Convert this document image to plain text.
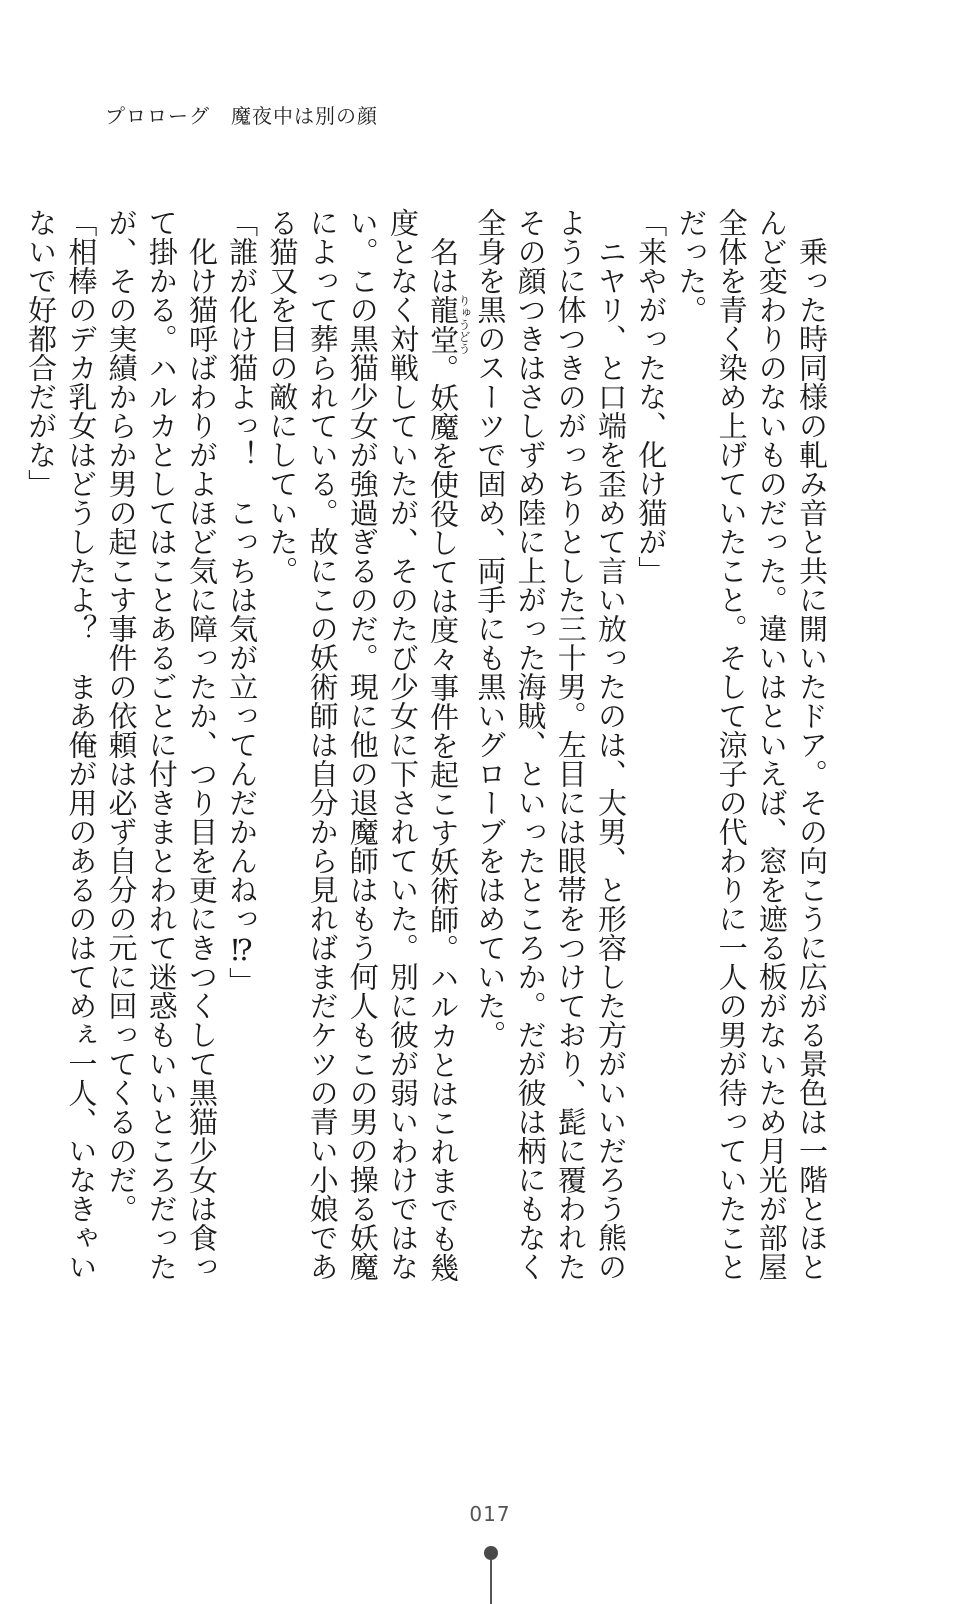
プロローグ　魔夜中は別の顔

乗った時同様の軋み音と共に開いたドア。その向こうに広がる景色は一階とほとんど変わりのないものだった。違いはといえば、窓を遮る板がないため月光が部屋全体を青く染め上げていたこと。そして涼子の代わりに一人の男が待っていたことだった。

「来やがったな、化け猫が」

ニヤリ、と口端を歪めて言い放ったのは、大男、と形容した方がいいだろう熊のように体つきのがっちりとした三十男。左目には眼帯をつけており、髭に覆われたその顔つきはさしずめ陸に上がった海賊、といったところか。だが彼は柄にもなく全身を黒のスーツで固め、両手にも黒いグローブをはめていた。

名は龍堂りゅうどう。妖魔を使役しては度々事件を起こす妖術師。ハルカとはこれまでも幾度となく対戦していたが、そのたび少女に下されていた。別に彼が弱いわけではない。この黒猫少女が強過ぎるのだ。現に他の退魔師はもう何人もこの男の操る妖魔によって葬られている。故にこの妖術師は自分から見ればまだケツの青い小娘である猫又を目の敵にしていた。

「誰が化け猫よっ！　こっちは気が立ってんだかんねっ⁉」

化け猫呼ばわりがよほど気に障ったか、つり目を更にきつくして黒猫少女は食って掛かる。ハルカとしてはことあるごとに付きまとわれて迷惑もいいところだったが、その実績からか男の起こす事件の依頼は必ず自分の元に回ってくるのだ。

「相棒のデカ乳女はどうしたよ？　まあ俺が用のあるのはてめぇ一人、いなきゃいないで好都合だがな」

017
